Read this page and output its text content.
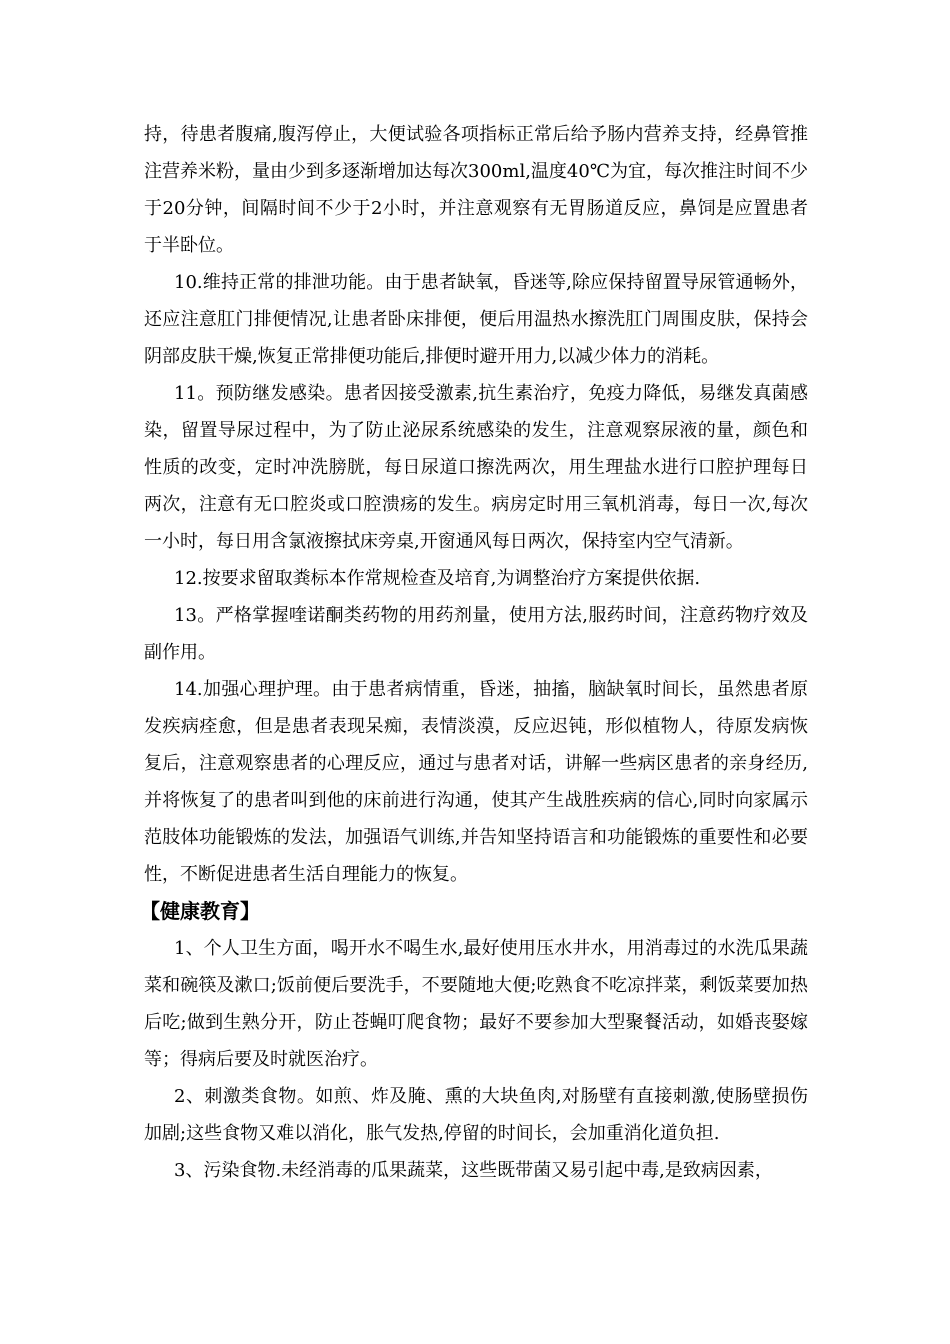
持，待患者腹痛,腹泻停止，大便试验各项指标正常后给予肠内营养支持，经鼻管推注营养米粉，量由少到多逐渐增加达每次300ml,温度40℃为宜，每次推注时间不少于20分钟，间隔时间不少于2小时，并注意观察有无胃肠道反应，鼻饲是应置患者于半卧位。

10.维持正常的排泄功能。由于患者缺氧，昏迷等,除应保持留置导尿管通畅外，还应注意肛门排便情况,让患者卧床排便，便后用温热水擦洗肛门周围皮肤，保持会阴部皮肤干燥,恢复正常排便功能后,排便时避开用力,以减少体力的消耗。

11。预防继发感染。患者因接受激素,抗生素治疗，免疫力降低，易继发真菌感染，留置导尿过程中，为了防止泌尿系统感染的发生，注意观察尿液的量，颜色和性质的改变，定时冲洗膀胱，每日尿道口擦洗两次，用生理盐水进行口腔护理每日两次，注意有无口腔炎或口腔溃疡的发生。病房定时用三氧机消毒，每日一次,每次一小时，每日用含氯液擦拭床旁桌,开窗通风每日两次，保持室内空气清新。

12.按要求留取粪标本作常规检查及培育,为调整治疗方案提供依据.

13。严格掌握喹诺酮类药物的用药剂量，使用方法,服药时间，注意药物疗效及副作用。

14.加强心理护理。由于患者病情重，昏迷，抽搐，脑缺氧时间长，虽然患者原发疾病痊愈，但是患者表现呆痴，表情淡漠，反应迟钝，形似植物人，待原发病恢复后，注意观察患者的心理反应，通过与患者对话，讲解一些病区患者的亲身经历,并将恢复了的患者叫到他的床前进行沟通，使其产生战胜疾病的信心,同时向家属示范肢体功能锻炼的发法，加强语气训练,并告知坚持语言和功能锻炼的重要性和必要性，不断促进患者生活自理能力的恢复。

【健康教育】

1、个人卫生方面，喝开水不喝生水,最好使用压水井水，用消毒过的水洗瓜果蔬菜和碗筷及漱口;饭前便后要洗手，不要随地大便;吃熟食不吃凉拌菜，剩饭菜要加热后吃;做到生熟分开，防止苍蝇叮爬食物；最好不要参加大型聚餐活动，如婚丧娶嫁等；得病后要及时就医治疗。

2、刺激类食物。如煎、炸及腌、熏的大块鱼肉,对肠壁有直接刺激,使肠壁损伤加剧;这些食物又难以消化，胀气发热,停留的时间长，会加重消化道负担.

3、污染食物.未经消毒的瓜果蔬菜，这些既带菌又易引起中毒,是致病因素，
